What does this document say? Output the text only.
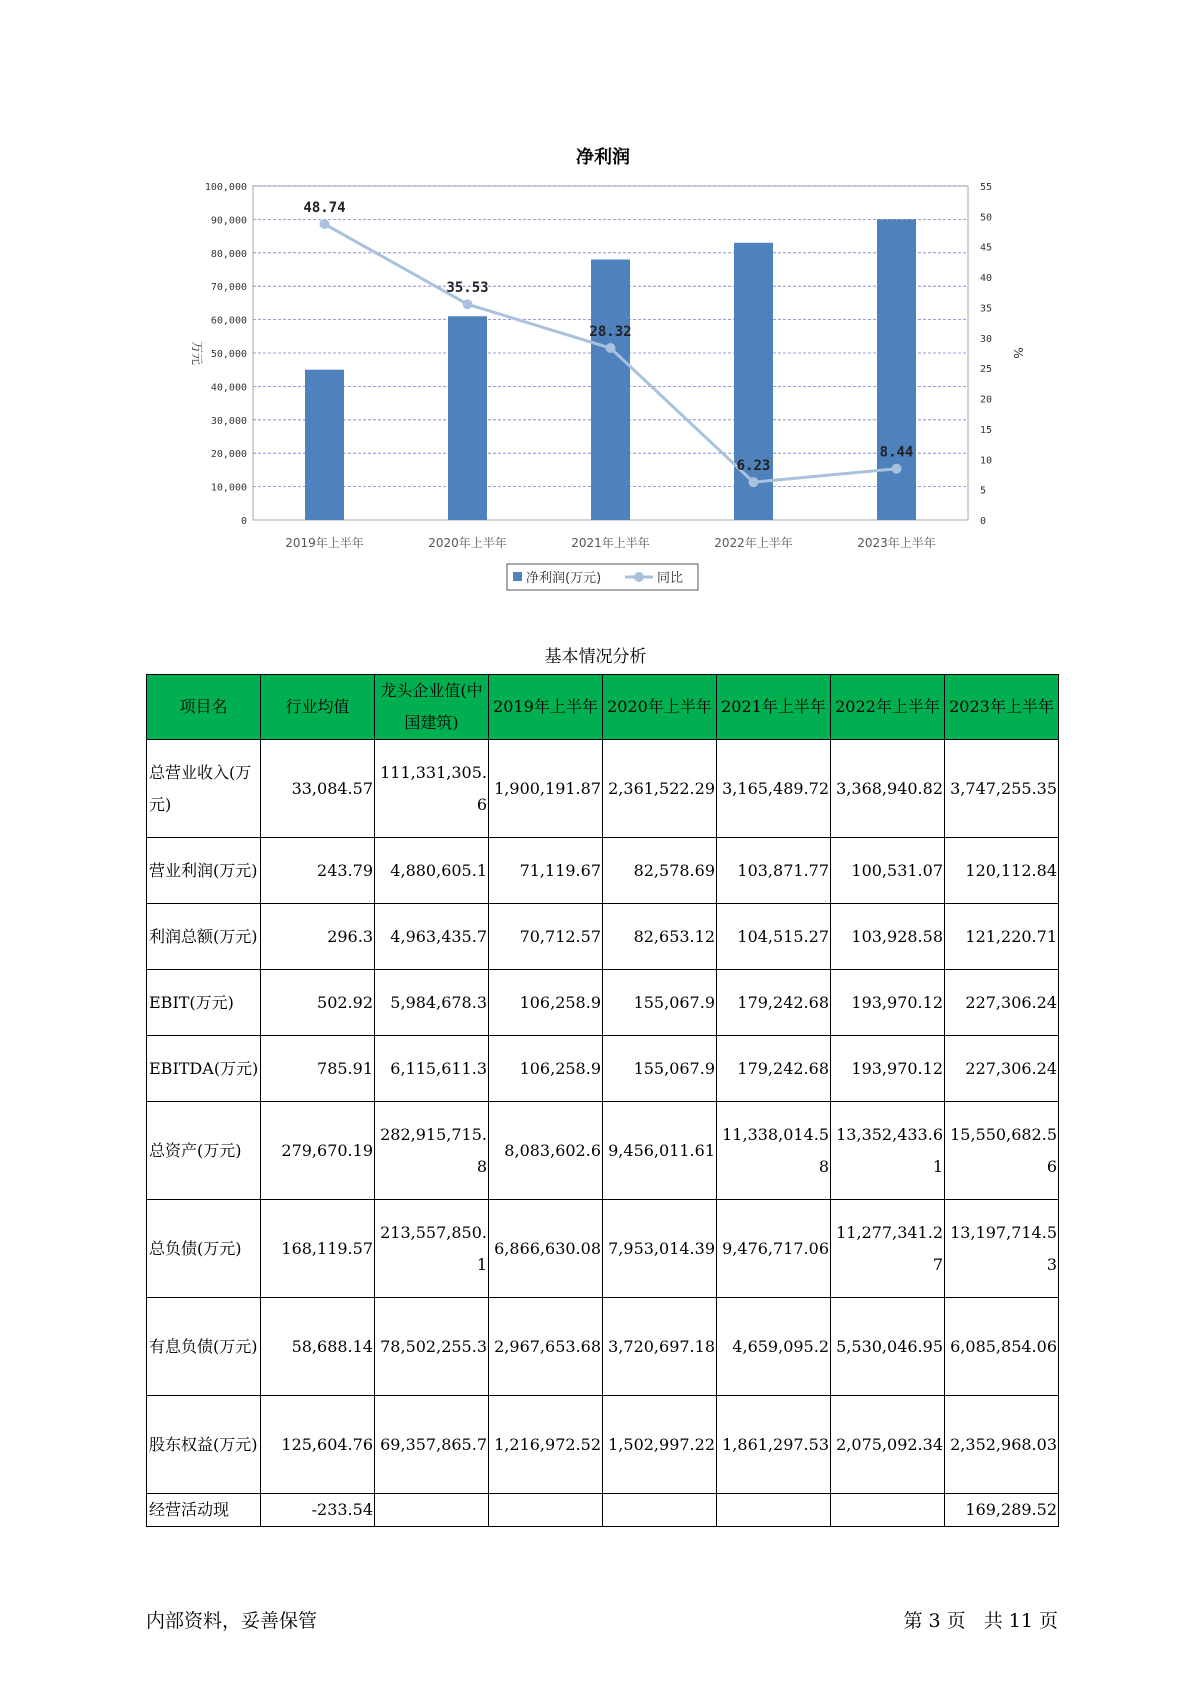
净利润
0
10,000
20,000
30,000
40,000
50,000
60,000
70,000
80,000
90,000
100,000
0
5
10
15
20
25
30
35
40
45
50
55
万元	%
2019年上半年	2020年上半年	2021年上半年	2022年上半年	2023年上半年
48.74
35.53
28.32
6.23
8.44
净利润(万元)	同比
基本情况分析
项目名	行业均值	龙头企业值(中国建筑)	2019年上半年	2020年上半年	2021年上半年	2022年上半年	2023年上半年
总营业收入(万元)	33,084.57	111,331,305.6	1,900,191.87	2,361,522.29	3,165,489.72	3,368,940.82	3,747,255.35
营业利润(万元)	243.79	4,880,605.1	71,119.67	82,578.69	103,871.77	100,531.07	120,112.84
利润总额(万元)	296.3	4,963,435.7	70,712.57	82,653.12	104,515.27	103,928.58	121,220.71
EBIT(万元)	502.92	5,984,678.3	106,258.9	155,067.9	179,242.68	193,970.12	227,306.24
EBITDA(万元)	785.91	6,115,611.3	106,258.9	155,067.9	179,242.68	193,970.12	227,306.24
总资产(万元)	279,670.19	282,915,715.8	8,083,602.6	9,456,011.61	11,338,014.58	13,352,433.61	15,550,682.56
总负债(万元)	168,119.57	213,557,850.1	6,866,630.08	7,953,014.39	9,476,717.06	11,277,341.27	13,197,714.53
有息负债(万元)	58,688.14	78,502,255.3	2,967,653.68	3,720,697.18	4,659,095.2	5,530,046.95	6,085,854.06
股东权益(万元)	125,604.76	69,357,865.7	1,216,972.52	1,502,997.22	1,861,297.53	2,075,092.34	2,352,968.03
经营活动现	-233.54						169,289.52
内部资料，妥善保管	第 3 页   共 11 页
